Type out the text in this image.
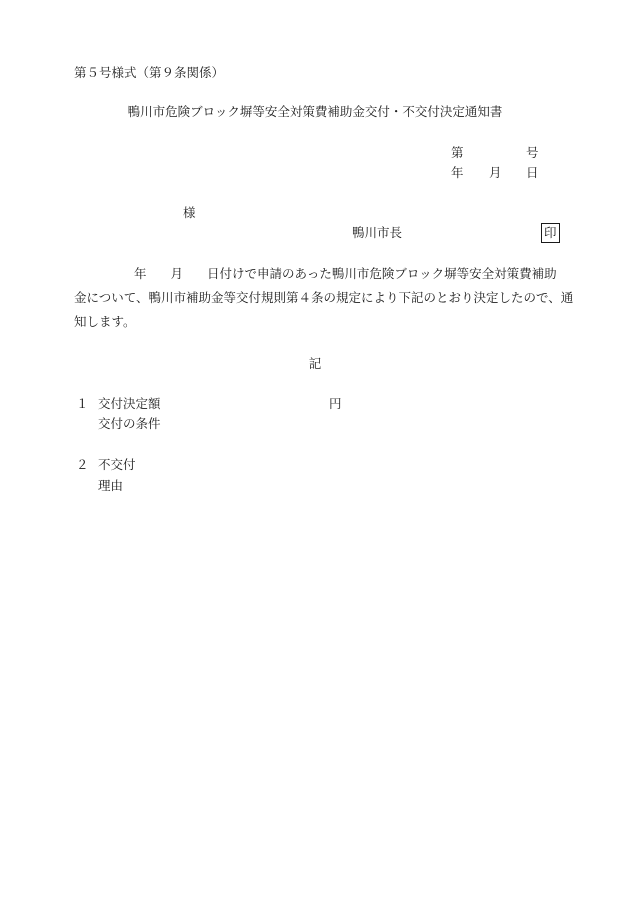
第５号様式（第９条関係）
鴨川市危険ブロック塀等安全対策費補助金交付・不交付決定通知書
第	号
年 月 日
様
鴨川市長	印
年 月 日付けで申請のあった鴨川市危険ブロック塀等安全対策費補助
金について、鴨川市補助金等交付規則第４条の規定により下記のとおり決定したので、通
知します。
記
１ 交付決定額	円
交付の条件
２ 不交付
理由
